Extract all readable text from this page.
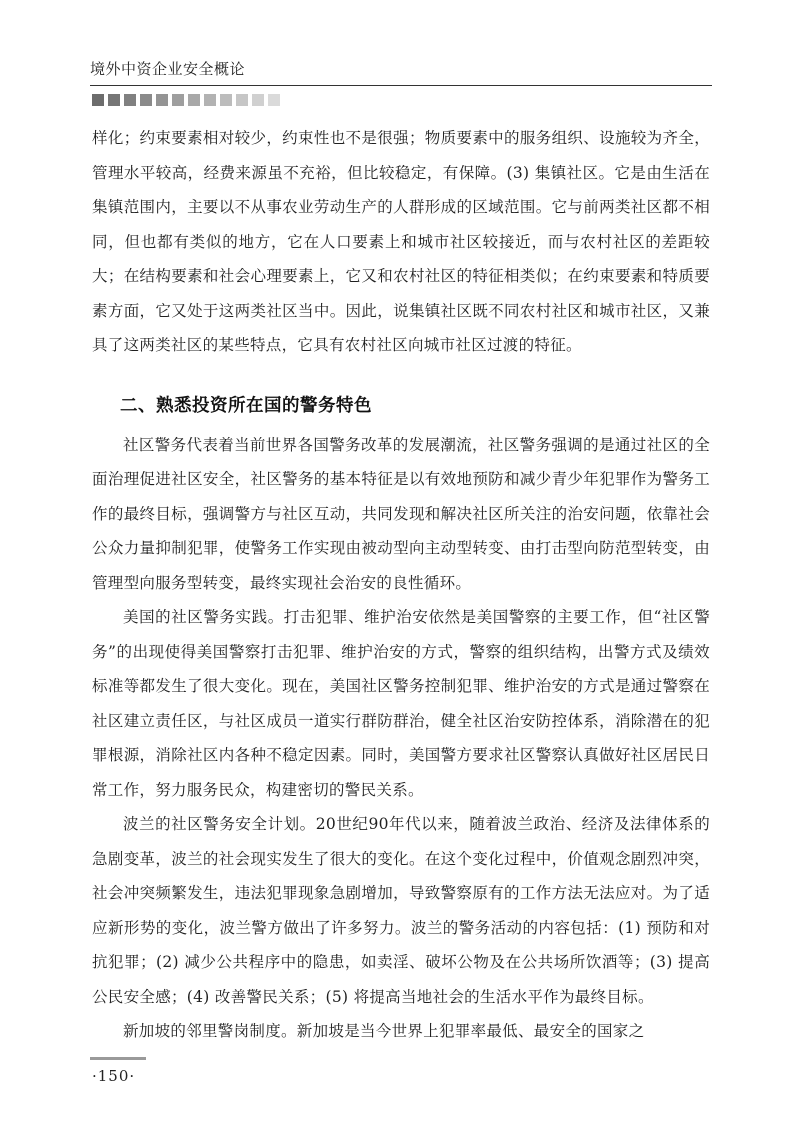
境外中资企业安全概论

样化；约束要素相对较少，约束性也不是很强；物质要素中的服务组织、设施较为齐全，管理水平较高，经费来源虽不充裕，但比较稳定，有保障。(3) 集镇社区。它是由生活在集镇范围内，主要以不从事农业劳动生产的人群形成的区域范围。它与前两类社区都不相同，但也都有类似的地方，它在人口要素上和城市社区较接近，而与农村社区的差距较大；在结构要素和社会心理要素上，它又和农村社区的特征相类似；在约束要素和特质要素方面，它又处于这两类社区当中。因此，说集镇社区既不同农村社区和城市社区，又兼具了这两类社区的某些特点，它具有农村社区向城市社区过渡的特征。

二、熟悉投资所在国的警务特色

社区警务代表着当前世界各国警务改革的发展潮流，社区警务强调的是通过社区的全面治理促进社区安全，社区警务的基本特征是以有效地预防和减少青少年犯罪作为警务工作的最终目标，强调警方与社区互动，共同发现和解决社区所关注的治安问题，依靠社会公众力量抑制犯罪，使警务工作实现由被动型向主动型转变、由打击型向防范型转变，由管理型向服务型转变，最终实现社会治安的良性循环。

美国的社区警务实践。打击犯罪、维护治安依然是美国警察的主要工作，但“社区警务”的出现使得美国警察打击犯罪、维护治安的方式，警察的组织结构，出警方式及绩效标准等都发生了很大变化。现在，美国社区警务控制犯罪、维护治安的方式是通过警察在社区建立责任区，与社区成员一道实行群防群治，健全社区治安防控体系，消除潜在的犯罪根源，消除社区内各种不稳定因素。同时，美国警方要求社区警察认真做好社区居民日常工作，努力服务民众，构建密切的警民关系。

波兰的社区警务安全计划。20世纪90年代以来，随着波兰政治、经济及法律体系的急剧变革，波兰的社会现实发生了很大的变化。在这个变化过程中，价值观念剧烈冲突，社会冲突频繁发生，违法犯罪现象急剧增加，导致警察原有的工作方法无法应对。为了适应新形势的变化，波兰警方做出了许多努力。波兰的警务活动的内容包括：(1) 预防和对抗犯罪；(2) 减少公共程序中的隐患，如卖淫、破坏公物及在公共场所饮酒等；(3) 提高公民安全感；(4) 改善警民关系；(5) 将提高当地社会的生活水平作为最终目标。

新加坡的邻里警岗制度。新加坡是当今世界上犯罪率最低、最安全的国家之

·150·
